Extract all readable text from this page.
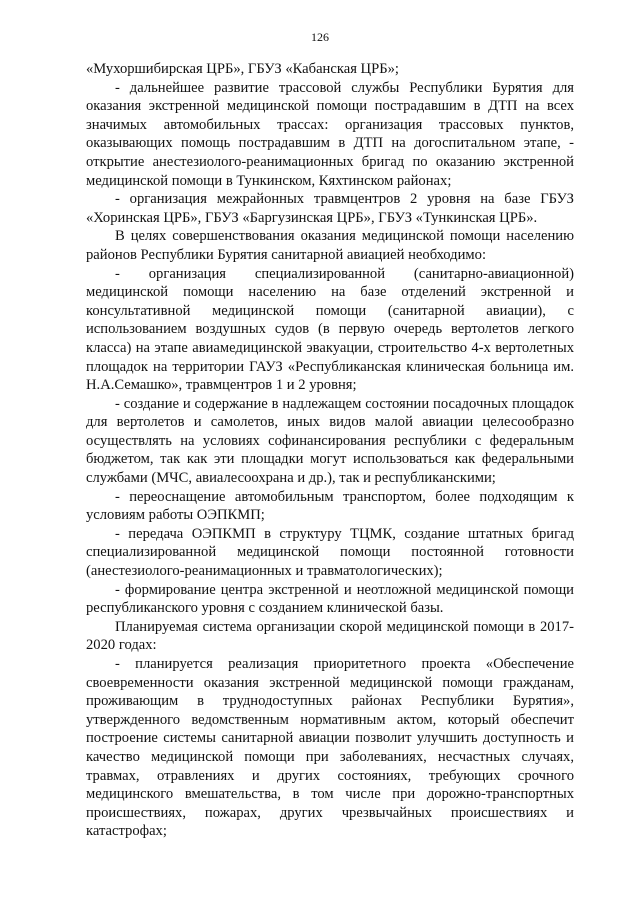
126

«Мухоршибирская ЦРБ», ГБУЗ «Кабанская ЦРБ»;

- дальнейшее развитие трассовой службы Республики Бурятия для оказания экстренной медицинской помощи пострадавшим в ДТП на всех значимых автомобильных трассах: организация трассовых пунктов, оказывающих помощь пострадавшим в ДТП на догоспитальном этапе, - открытие анестезиолого-реанимационных бригад по оказанию экстренной медицинской помощи в Тункинском, Кяхтинском районах;

- организация межрайонных травмцентров 2 уровня на базе ГБУЗ «Хоринская ЦРБ», ГБУЗ «Баргузинская ЦРБ», ГБУЗ «Тункинская ЦРБ».

В целях совершенствования оказания медицинской помощи населению районов Республики Бурятия санитарной авиацией необходимо:

- организация специализированной (санитарно-авиационной) медицинской помощи населению на базе отделений экстренной и консультативной медицинской помощи (санитарной авиации), с использованием воздушных судов (в первую очередь вертолетов легкого класса) на этапе авиамедицинской эвакуации, строительство 4-х вертолетных площадок на территории ГАУЗ «Республиканская клиническая больница им. Н.А.Семашко», травмцентров 1 и 2 уровня;

- создание и содержание в надлежащем состоянии посадочных площадок для вертолетов и самолетов, иных видов малой авиации целесообразно осуществлять на условиях софинансирования республики с федеральным бюджетом, так как эти площадки могут использоваться как федеральными службами (МЧС, авиалесоохрана и др.), так и республиканскими;

- переоснащение автомобильным транспортом, более подходящим к условиям работы ОЭПКМП;

- передача ОЭПКМП в структуру ТЦМК, создание штатных бригад специализированной медицинской помощи постоянной готовности (анестезиолого-реанимационных и травматологических);

- формирование центра экстренной и неотложной медицинской помощи республиканского уровня с созданием клинической базы.

Планируемая система организации скорой медицинской помощи в 2017- 2020 годах:

- планируется реализация приоритетного проекта «Обеспечение своевременности оказания экстренной медицинской помощи гражданам, проживающим в труднодоступных районах Республики Бурятия», утвержденного ведомственным нормативным актом, который обеспечит построение системы санитарной авиации позволит улучшить доступность и качество медицинской помощи при заболеваниях, несчастных случаях, травмах, отравлениях и других состояниях, требующих срочного медицинского вмешательства, в том числе при дорожно-транспортных происшествиях, пожарах, других чрезвычайных происшествиях и катастрофах;
